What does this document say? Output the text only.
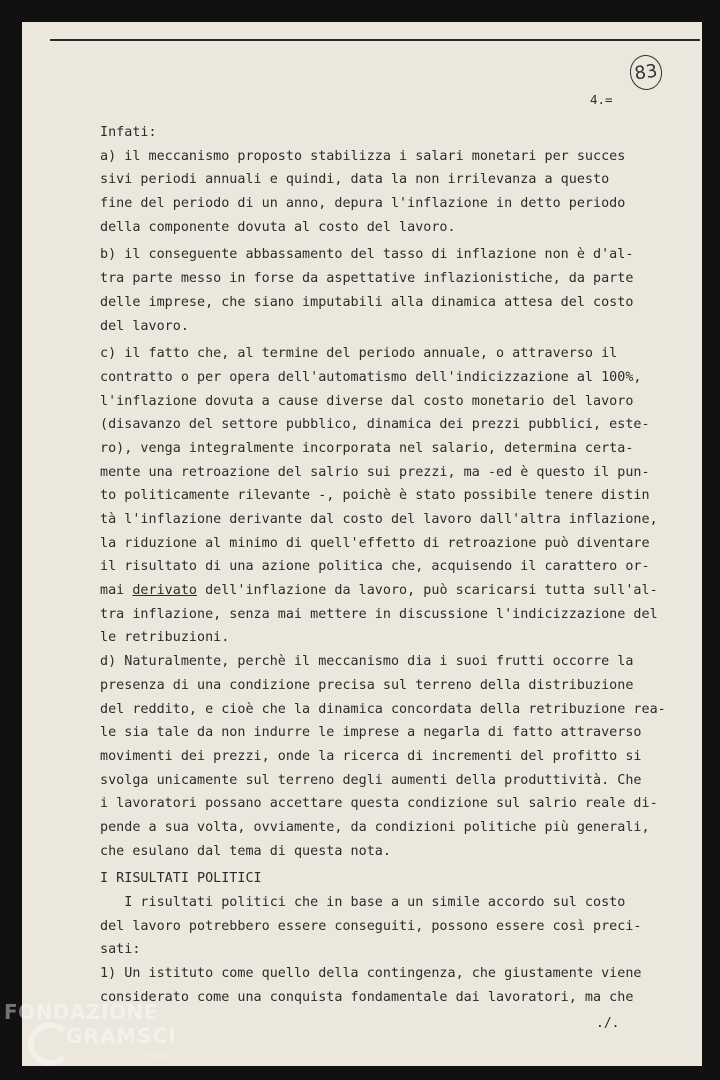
83
4.=
Infati:
a) il meccanismo proposto stabilizza i salari monetari per succes
sivi periodi annuali e quindi, data la non irrilevanza a questo
fine del periodo di un anno, depura l'inflazione in detto periodo
della componente dovuta al costo del lavoro.
b) il conseguente abbassamento del tasso di inflazione non è d'al-
tra parte messo in forse da aspettative inflazionistiche, da parte
delle imprese, che siano imputabili alla dinamica attesa del costo
del lavoro.
c) il fatto che, al termine del periodo annuale, o attraverso il
contratto o per opera dell'automatismo dell'indicizzazione al 100%,
l'inflazione dovuta a cause diverse dal costo monetario del lavoro
(disavanzo del settore pubblico, dinamica dei prezzi pubblici, este-
ro), venga integralmente incorporata nel salario, determina certa-
mente una retroazione del salrio sui prezzi, ma -ed è questo il pun-
to politicamente rilevante -, poichè è stato possibile tenere distin
tà l'inflazione derivante dal costo del lavoro dall'altra inflazione,
la riduzione al minimo di quell'effetto di retroazione può diventare
il risultato di una azione politica che, acquisendo il carattero or-
mai derivato dell'inflazione da lavoro, può scaricarsi tutta sull'al-
tra inflazione, senza mai mettere in discussione l'indicizzazione del
le retribuzioni.
d) Naturalmente, perchè il meccanismo dia i suoi frutti occorre la
presenza di una condizione precisa sul terreno della distribuzione
del reddito, e cioè che la dinamica concordata della retribuzione rea-
le sia tale da non indurre le imprese a negarla di fatto attraverso
movimenti dei prezzi, onde la ricerca di incrementi del profitto si
svolga unicamente sul terreno degli aumenti della produttività. Che
i lavoratori possano accettare questa condizione sul salrio reale di-
pende a sua volta, ovviamente, da condizioni politiche più generali,
che esulano dal tema di questa nota.
I RISULTATI POLITICI
I risultati politici che in base a un simile accordo sul costo
del lavoro potrebbero essere conseguiti, possono essere così preci-
sati:
1) Un istituto come quello della contingenza, che giustamente viene
considerato come una conquista fondamentale dai lavoratori, ma che
./.
FONDAZIONE
GRAMSCI
onlus
